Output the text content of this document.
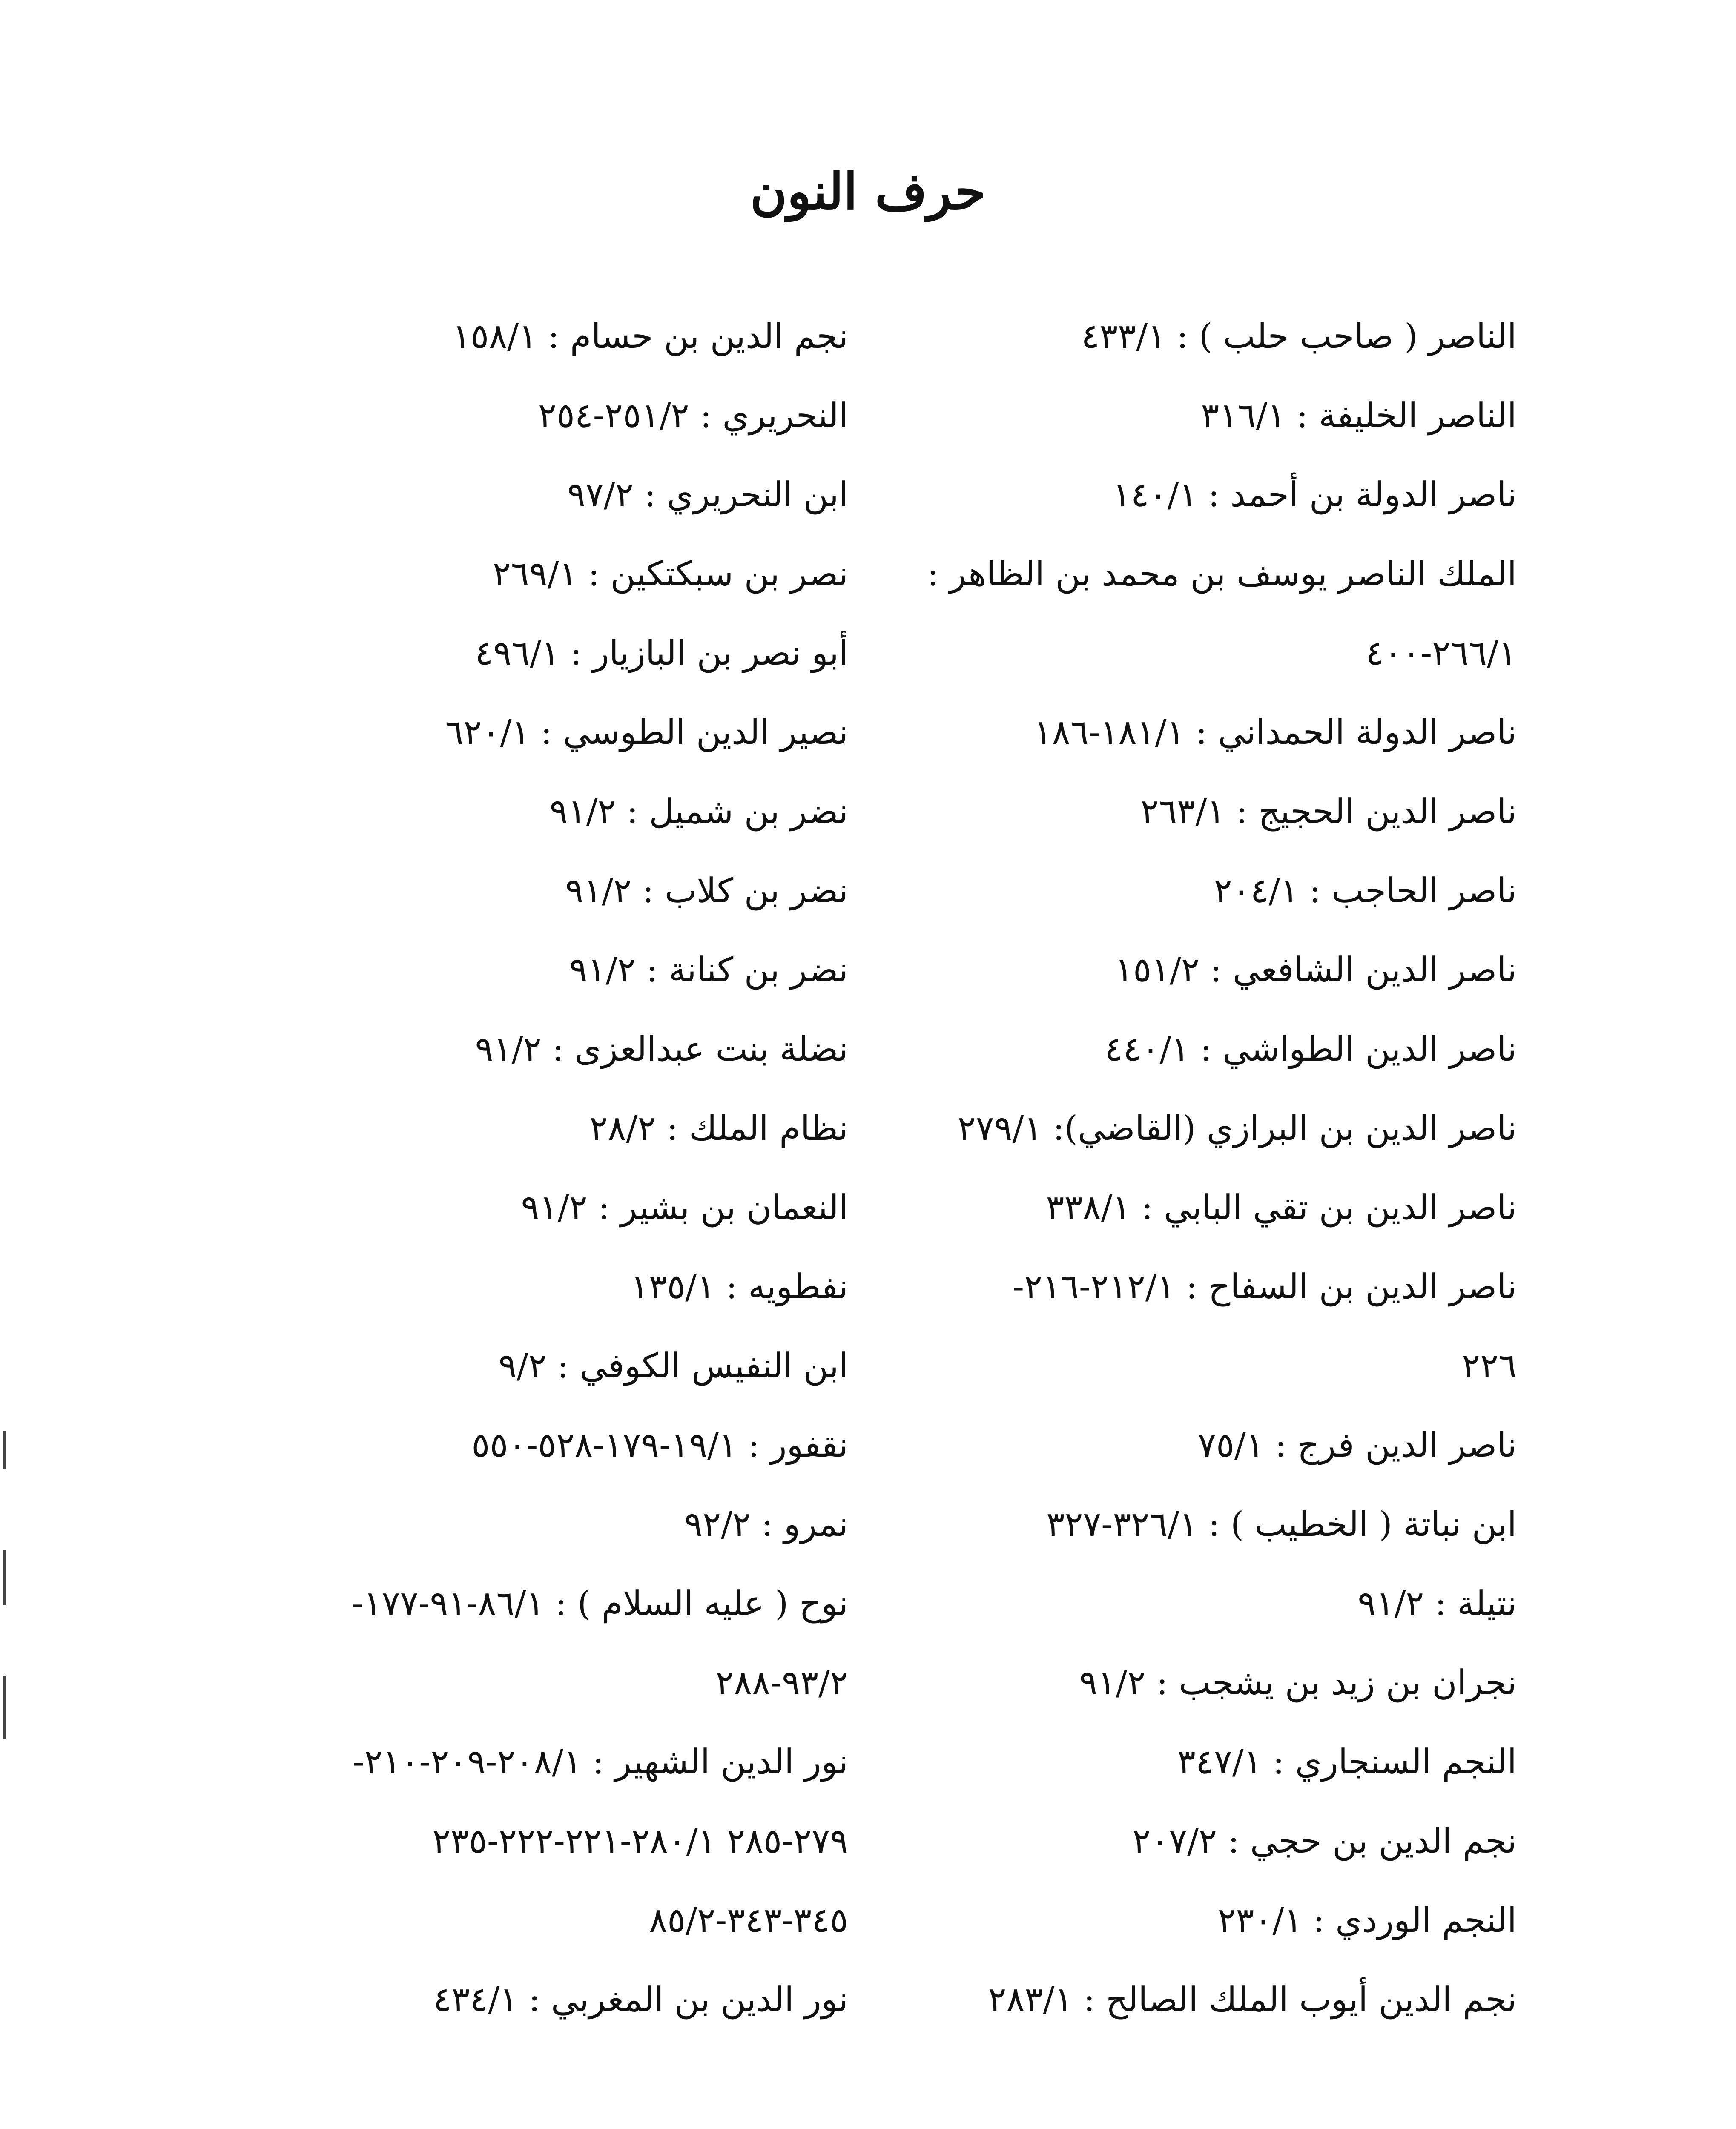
حرف النون
الناصر ( صاحب حلب ) : ٤٣٣/١
الناصر الخليفة : ٣١٦/١
ناصر الدولة بن أحمد : ١٤٠/١
الملك الناصر يوسف بن محمد بن الظاهر :
٢٦٦/١-٤٠٠
ناصر الدولة الحمداني : ١٨١/١-١٨٦
ناصر الدين الحجيج : ٢٦٣/١
ناصر الحاجب : ٢٠٤/١
ناصر الدين الشافعي : ١٥١/٢
ناصر الدين الطواشي : ٤٤٠/١
ناصر الدين بن البرازي (القاضي): ٢٧٩/١
ناصر الدين بن تقي البابي : ٣٣٨/١
ناصر الدين بن السفاح : ٢١٢/١-٢١٦-
٢٢٦
ناصر الدين فرج : ٧٥/١
ابن نباتة ( الخطيب ) : ٣٢٦/١-٣٢٧
نتيلة : ٩١/٢
نجران بن زيد بن يشجب : ٩١/٢
النجم السنجاري : ٣٤٧/١
نجم الدين بن حجي : ٢٠٧/٢
النجم الوردي : ٢٣٠/١
نجم الدين أيوب الملك الصالح : ٢٨٣/١
نجم الدين بن حسام : ١٥٨/١
النحريري : ٢٥١/٢-٢٥٤
ابن النحريري : ٩٧/٢
نصر بن سبكتكين : ٢٦٩/١
أبو نصر بن البازيار : ٤٩٦/١
نصير الدين الطوسي : ٦٢٠/١
نضر بن شميل : ٩١/٢
نضر بن كلاب : ٩١/٢
نضر بن كنانة : ٩١/٢
نضلة بنت عبدالعزى : ٩١/٢
نظام الملك : ٢٨/٢
النعمان بن بشير : ٩١/٢
نفطويه : ١٣٥/١
ابن النفيس الكوفي : ٩/٢
نقفور : ١٩/١-١٧٩-٥٢٨-٥٥٠
نمرو : ٩٢/٢
نوح ( عليه السلام ) : ٨٦/١-٩١-١٧٧-
٩٣/٢-٢٨٨
نور الدين الشهير : ٢٠٨/١-٢٠٩-٢١٠-
٢٧٩-٢٨٥ ٢٨٠/١-٢٢١-٢٢٢-٢٣٥
٣٤٥-٣٤٣-٨٥/٢
نور الدين بن المغربي : ٤٣٤/١
